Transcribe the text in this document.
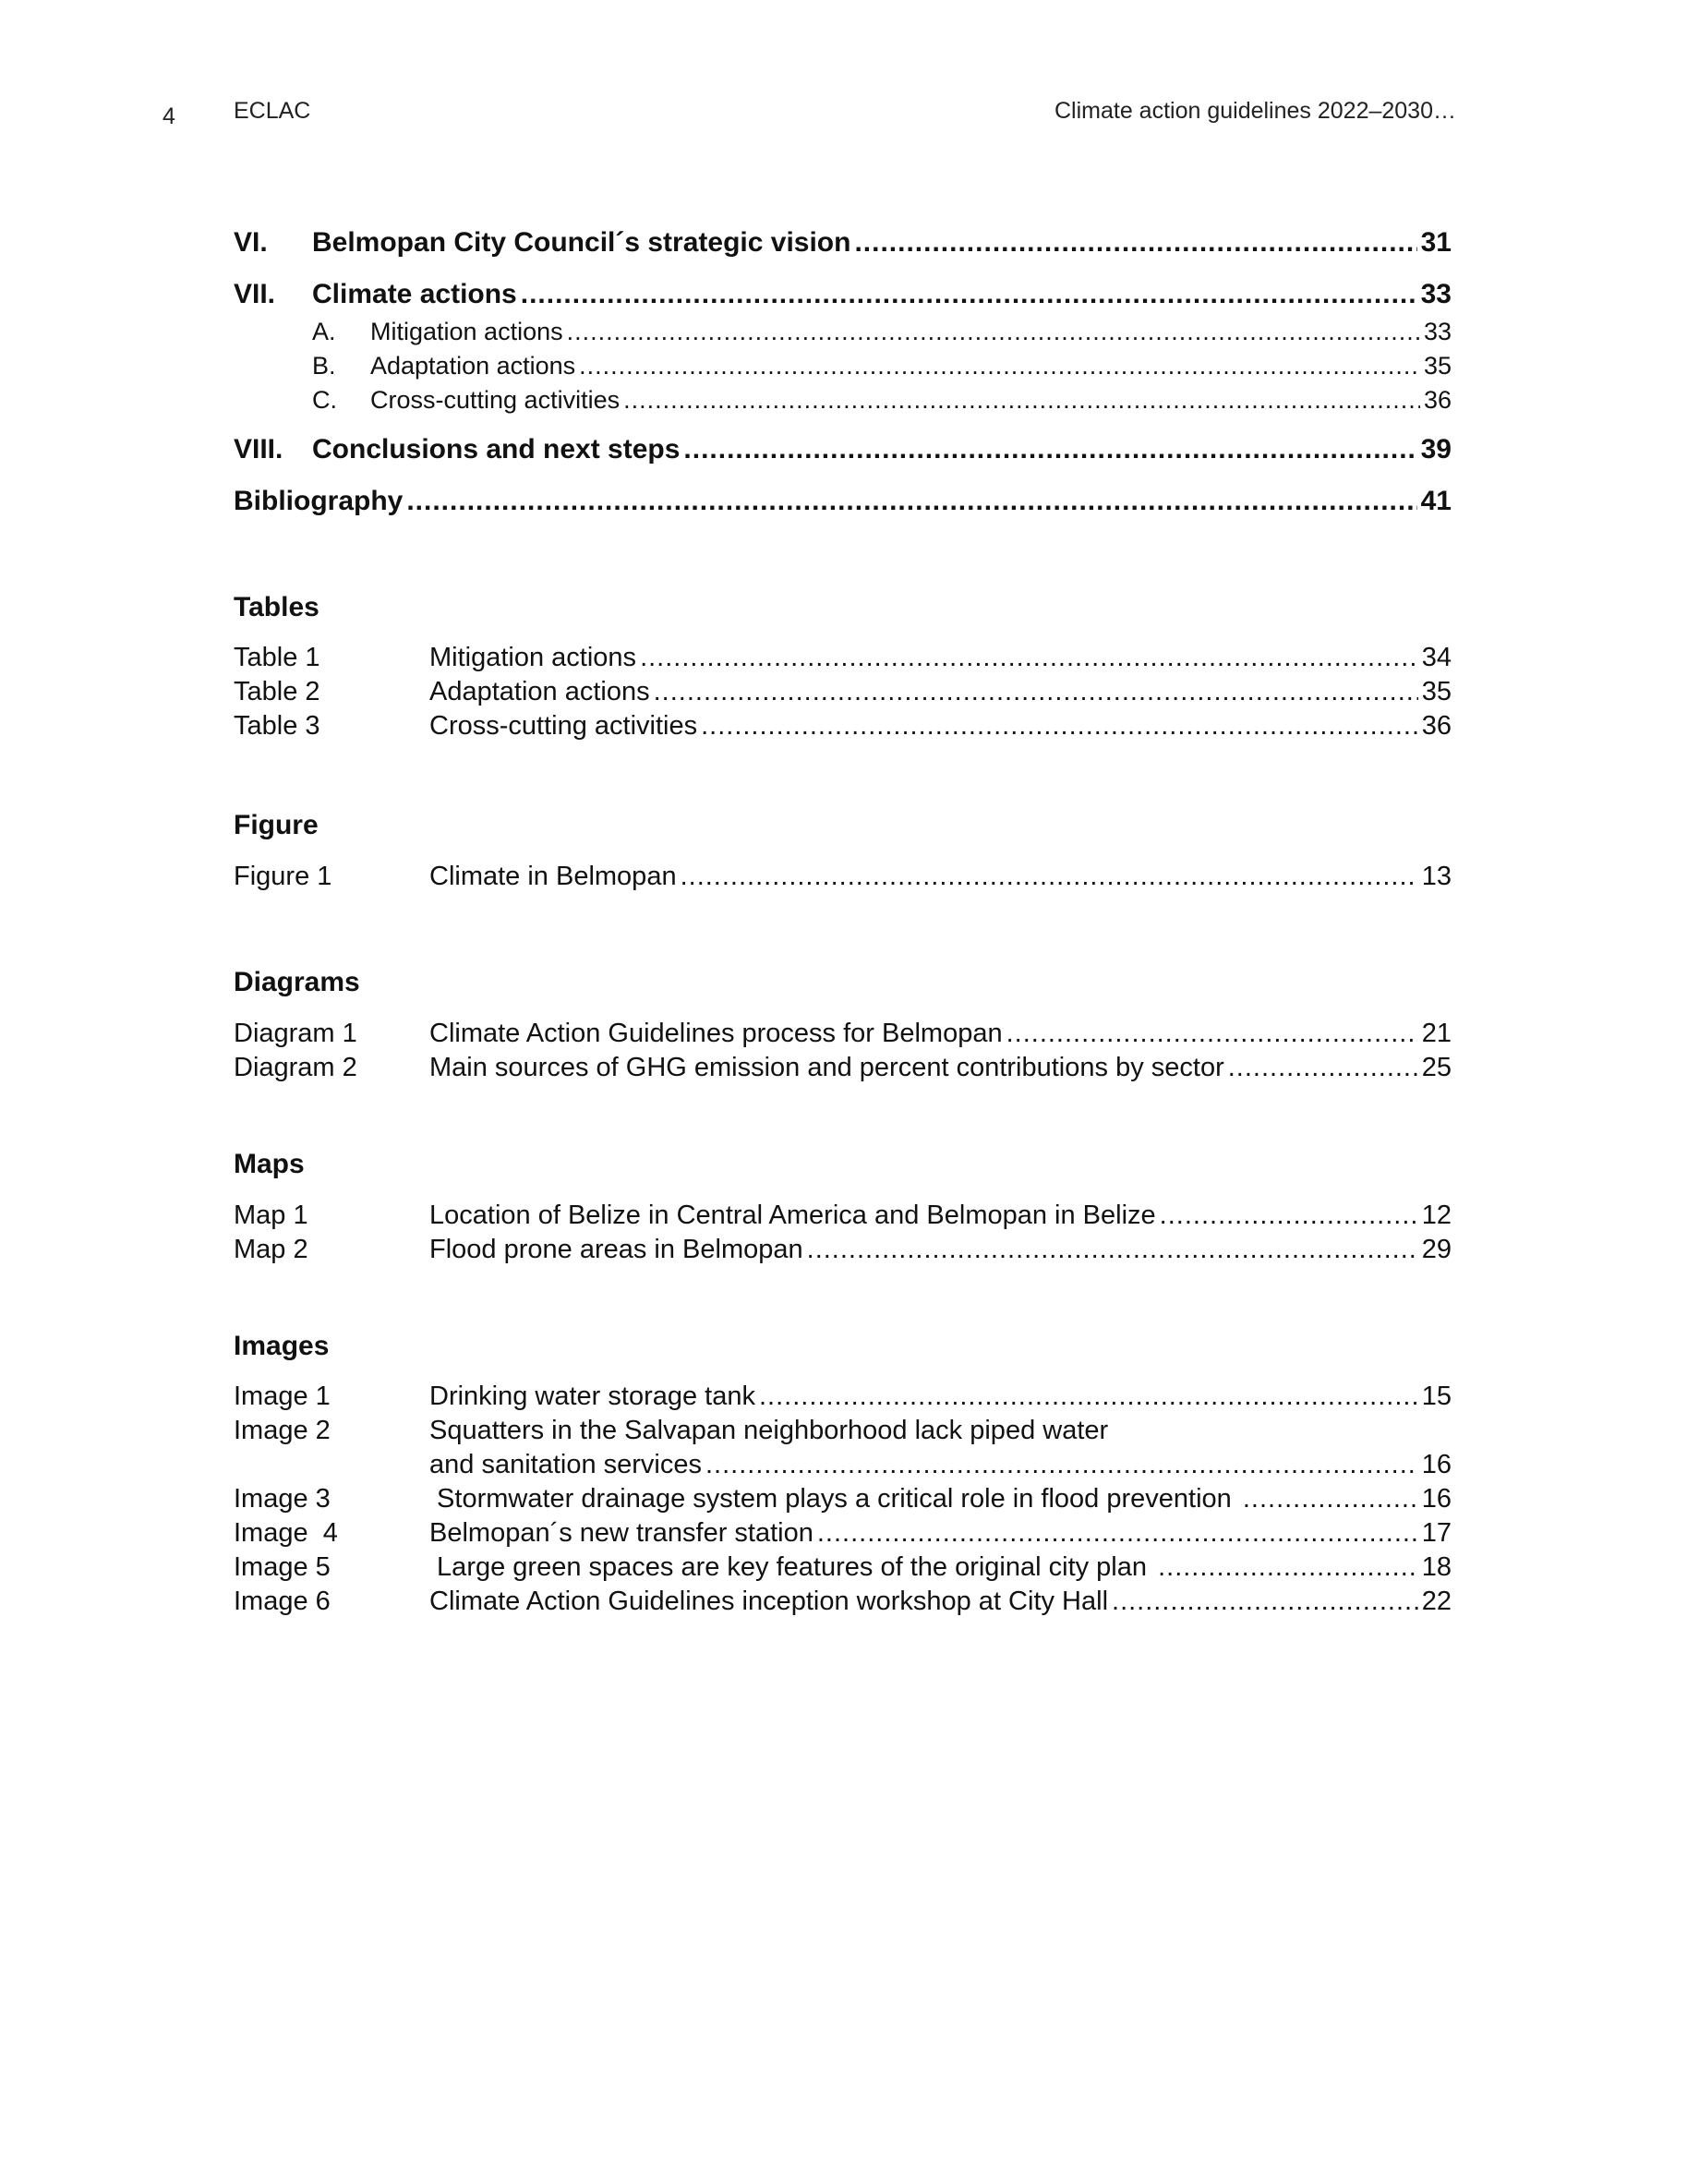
4	ECLAC	Climate action guidelines 2022–2030…
VI. Belmopan City Council´s strategic vision .....	31
VII. Climate actions .....	33
A. Mitigation actions .....	33
B. Adaptation actions .....	35
C. Cross-cutting activities .....	36
VIII. Conclusions and next steps .....	39
Bibliography .....	41
Tables
Table 1	Mitigation actions .....	34
Table 2	Adaptation actions .....	35
Table 3	Cross-cutting activities .....	36
Figure
Figure 1	Climate in Belmopan .....	13
Diagrams
Diagram 1	Climate Action Guidelines process for Belmopan .....	21
Diagram 2	Main sources of GHG emission and percent contributions by sector .....	25
Maps
Map 1	Location of Belize in Central America and Belmopan in Belize .....	12
Map 2	Flood prone areas in Belmopan .....	29
Images
Image 1	Drinking water storage tank .....	15
Image 2	Squatters in the Salvapan neighborhood lack piped water
and sanitation services .....	16
Image 3	Stormwater drainage system plays a critical role in flood prevention .....	16
Image  4	Belmopan´s new transfer station .....	17
Image 5	Large green spaces are key features of the original city plan .....	18
Image 6	Climate Action Guidelines inception workshop at City Hall .....	22
